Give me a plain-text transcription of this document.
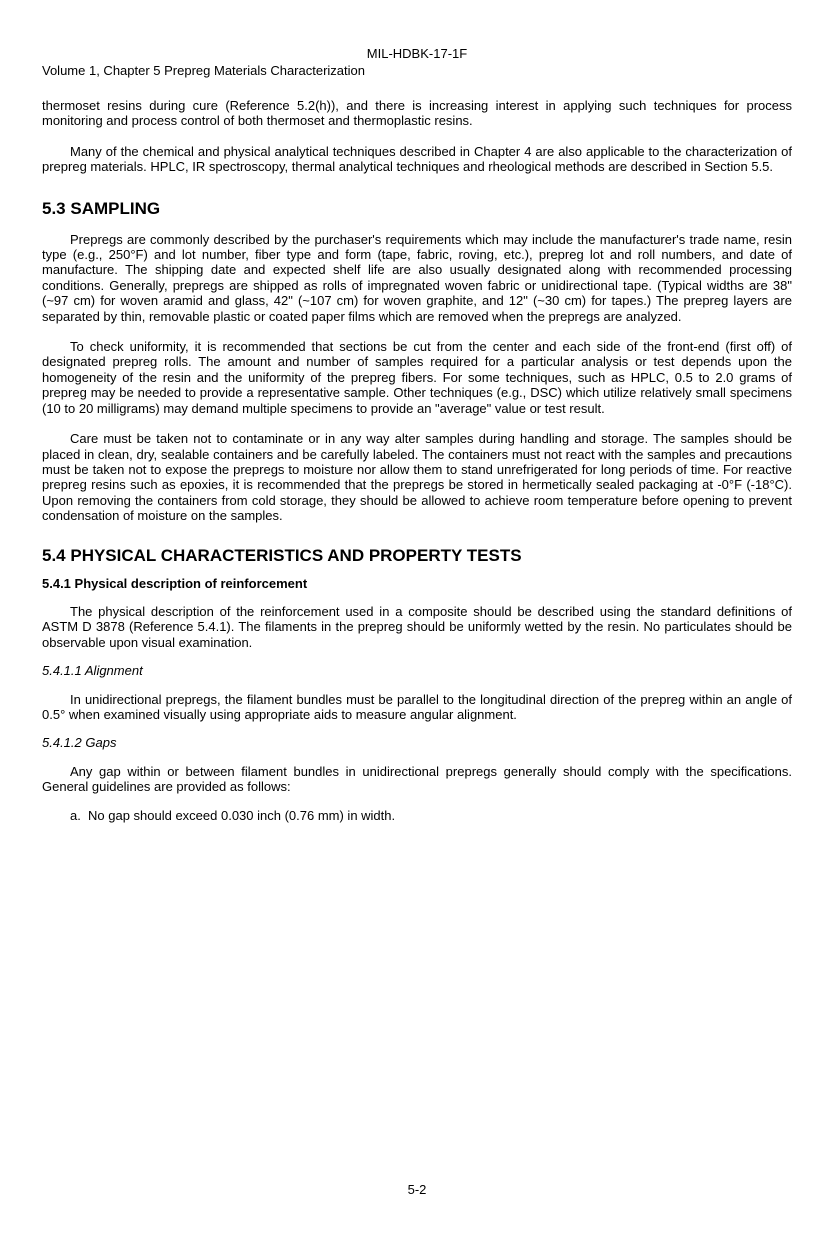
MIL-HDBK-17-1F
Volume 1, Chapter 5 Prepreg Materials Characterization

thermoset resins during cure (Reference 5.2(h)), and there is increasing interest in applying such techniques for process monitoring and process control of both thermoset and thermoplastic resins.

Many of the chemical and physical analytical techniques described in Chapter 4 are also applicable to the characterization of prepreg materials. HPLC, IR spectroscopy, thermal analytical techniques and rheological methods are described in Section 5.5.

5.3 SAMPLING

Prepregs are commonly described by the purchaser's requirements which may include the manufacturer's trade name, resin type (e.g., 250°F) and lot number, fiber type and form (tape, fabric, roving, etc.), prepreg lot and roll numbers, and date of manufacture. The shipping date and expected shelf life are also usually designated along with recommended processing conditions. Generally, prepregs are shipped as rolls of impregnated woven fabric or unidirectional tape. (Typical widths are 38" (~97 cm) for woven aramid and glass, 42" (~107 cm) for woven graphite, and 12" (~30 cm) for tapes.) The prepreg layers are separated by thin, removable plastic or coated paper films which are removed when the prepregs are analyzed.

To check uniformity, it is recommended that sections be cut from the center and each side of the front-end (first off) of designated prepreg rolls. The amount and number of samples required for a particular analysis or test depends upon the homogeneity of the resin and the uniformity of the prepreg fibers. For some techniques, such as HPLC, 0.5 to 2.0 grams of prepreg may be needed to provide a representative sample. Other techniques (e.g., DSC) which utilize relatively small specimens (10 to 20 milligrams) may demand multiple specimens to provide an "average" value or test result.

Care must be taken not to contaminate or in any way alter samples during handling and storage. The samples should be placed in clean, dry, sealable containers and be carefully labeled. The containers must not react with the samples and precautions must be taken not to expose the prepregs to moisture nor allow them to stand unrefrigerated for long periods of time. For reactive prepreg resins such as epoxies, it is recommended that the prepregs be stored in hermetically sealed packaging at -0°F (-18°C). Upon removing the containers from cold storage, they should be allowed to achieve room temperature before opening to prevent condensation of moisture on the samples.

5.4 PHYSICAL CHARACTERISTICS AND PROPERTY TESTS
5.4.1 Physical description of reinforcement

The physical description of the reinforcement used in a composite should be described using the standard definitions of ASTM D 3878 (Reference 5.4.1). The filaments in the prepreg should be uniformly wetted by the resin. No particulates should be observable upon visual examination.

5.4.1.1 Alignment

In unidirectional prepregs, the filament bundles must be parallel to the longitudinal direction of the prepreg within an angle of 0.5° when examined visually using appropriate aids to measure angular alignment.

5.4.1.2 Gaps

Any gap within or between filament bundles in unidirectional prepregs generally should comply with the specifications. General guidelines are provided as follows:

a. No gap should exceed 0.030 inch (0.76 mm) in width.
5-2
